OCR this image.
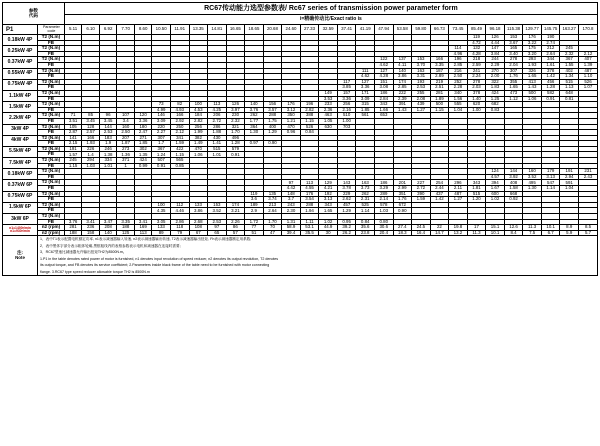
参数
代码		RC67传动能力选型参数表/ Rc67 series of transmission power parameter form																												
		i=精确传动比/Exact ratio is																												
P1	Parameter
code	5.11	6.10	6.92	7.70	8.60	10.50	11.91	13.35	14.81	16.65	18.65	20.68	24.60	27.33	32.59	37.41	41.19	47.94	53.58	59.80	66.73	73.45	85.49	96.18	115.38	129.77	145.75	163.27	170.8
0.18kW 4P	T2 (N.m)																							119	126	153	176	190		
	FB																							4.72	4.44	3.67	3.22	2.74		
0.25kW 4P	T2 (N.m)																						114	132	147	165	175	212	245	
	FB																						4.96	4.28	3.84	3.40	3.20	2.64	2.32	2.12
0.37kW 4P	T2 (N.m)																		122	137	153	166	196	218	244	278	293	344	367	407
	FB																		4.62	4.11	3.70	3.35	2.85	2.59	2.29	2.04	1.93	1.61	1.55	1.39
0.55kW 4P	T2 (N.m)																	111	127	140	163	187	216	241	270	307	326	378	402	487
	FB																	4.62	4.28	3.86	3.31	2.89	2.50	2.24	2.00	1.76	1.65	1.42	1.34	1.10
0.75kW 4P	T2 (N.m)																117	127	151	174	193	219	252	278	322	355	413	456	515	526
	FB																3.85	3.36	3.08	2.85	2.53	2.51	2.28	2.03	1.83	1.65	1.43	1.28	1.13	1.07
1.1kW 4P	T2 (N.m)															149	157	171	186	222	255	281	340	378	424	473	500	582	648	
	FB															3.53	3.36	3.09	2.84	2.39	2.08	1.89	1.56	1.40	1.25	1.12	1.06	0.91	0.81	
1.5kW 4P	T2 (N.m)						73	82	100	113	126	140	156	176	196	233	256	315	343	391	439	500	555	620	682					
	FB						4.99	4.93	4.53	4.25	3.97	3.76	3.57	3.12	2.82	2.36	2.16	1.85	1.66	1.43	1.27	1.15	1.04	1.00	0.83					
2.2kW 4P	T2 (N.m)	71	85	96	107	120	146	166	184	206	230	262	288	350	388	463	510	561	653											
	FB	3.51	3.45	3.45	3.4	3.36	3.09	2.92	2.82	2.72	2.32	1.77	1.75	1.21	1.15	1.05	1.00													
3kW 4P	T2 (N.m)	105	128	144	160	180	220	250	256	286	321	364	400	470	526	630	703													
	FB	2.87	2.57	2.53	2.50	2.47	2.27	2.12	1.99	1.88	1.70	1.30	1.29	0.96	0.84															
4kW 4P	T2 (N.m)	141	166	183	207	271	307	341	382	430	496																			
	FB	2.15	1.93	1.9	1.87	1.85	1.7	1.59	1.49	1.41	1.28	0.97	0.90																	
5.5kW 4P	T2 (N.m)	191	226	246	273	302	367	422	470	515	579																			
	FB	1.57	1.4	1.38	1.36	1.35	1.24	1.15	1.06	1.01	0.91																			
7.5kW 4P	T2 (N.m)	245	294	334	371	424	507	565																						
	FB	1.15	1.03	1.01	1	0.99	0.91	0.85																						
0.18kW 6P	T2 (N.m)																								124	144	160	179	191	231
	FB																								4.57	3.92	3.52	3.13	2.94	2.43
0.37kW 6P	T2 (N.m)													97	113	129	143	163	186	201	227	254	296	343	394	408	495	547	591	
	FB													4.42	4.55	4.21	3.78	3.73	3.29	2.99	2.72	2.44	2.11	1.81	1.67	1.58	1.30	1.14	1.04	
0.75kW 6P	T2 (N.m)											119	135	148	176	192	229	262	289	351	390	437	487	515	600	668				
	FB											3.6	3.74	3.7	3.54	3.13	2.62	2.31	2.14	1.76	1.59	1.42	1.27	1.20	1.02	0.92				
1.5kW 6P	T2 (N.m)						100	112	133	153	174	189	213	243	288	343	457	525	578	672										
	FB						4.35	4.46	3.86	3.52	3.21	2.9	2.64	2.30	1.94	1.65	1.29	1.14	1.03	0.90										
3kW 6P	T2 (N.m)																													
	FB	3.76	3.41	3.47	3.35	3.41	3.05	2.86	2.68	2.53	2.26	1.72	1.70	1.31	1.11	1.02	0.95	0.84	0.80											

n1=1400r/min
n1=930r/min	n2 (rpm)	281	236	208	188	169	133	118	108	97	86	77	70	58.9	53.1	44.9	39.2	35.6	30.6	27.4	24.5	22	19.8	17	15.1	12.6	11.3	10.1	8.9	8.5
	n2 (rpm)	188	158	140	125	113	89	79	67	65	57	51	47	39.4	35.5	30	26.2	23.8	20.4	18.3	16.4	14.7	13.2	11.3	10.1	8.4	7.5	6.7	5.9	5.7
注:
Note	
1、表中T1表示配置电机额定功率, n1表示减速器输入转速, n2表示减速器输出转速, T2表示减速器输出扭矩, Fh表示减速器额定用系数;
2、表中黑体字部分表示粗体轮廓,黑框粗线内的表格参数表示电机和减速器在连接时需要;
3、RC67型速比减速器允许输出扭矩TH2为8500N.m。
1.P1 in the table denotes rated power of motor is furnished, n1 denotes input revolution of speed reducer, n2 denotes its output revolution, T2 denotes
its output torque, and FB denotes its service coefficient; 2.Parameters inside black frame of the table need to be furnished with motor connecting
flange. 3.RC67 type speed reducer allowable torque TH2 is 8500N.m
